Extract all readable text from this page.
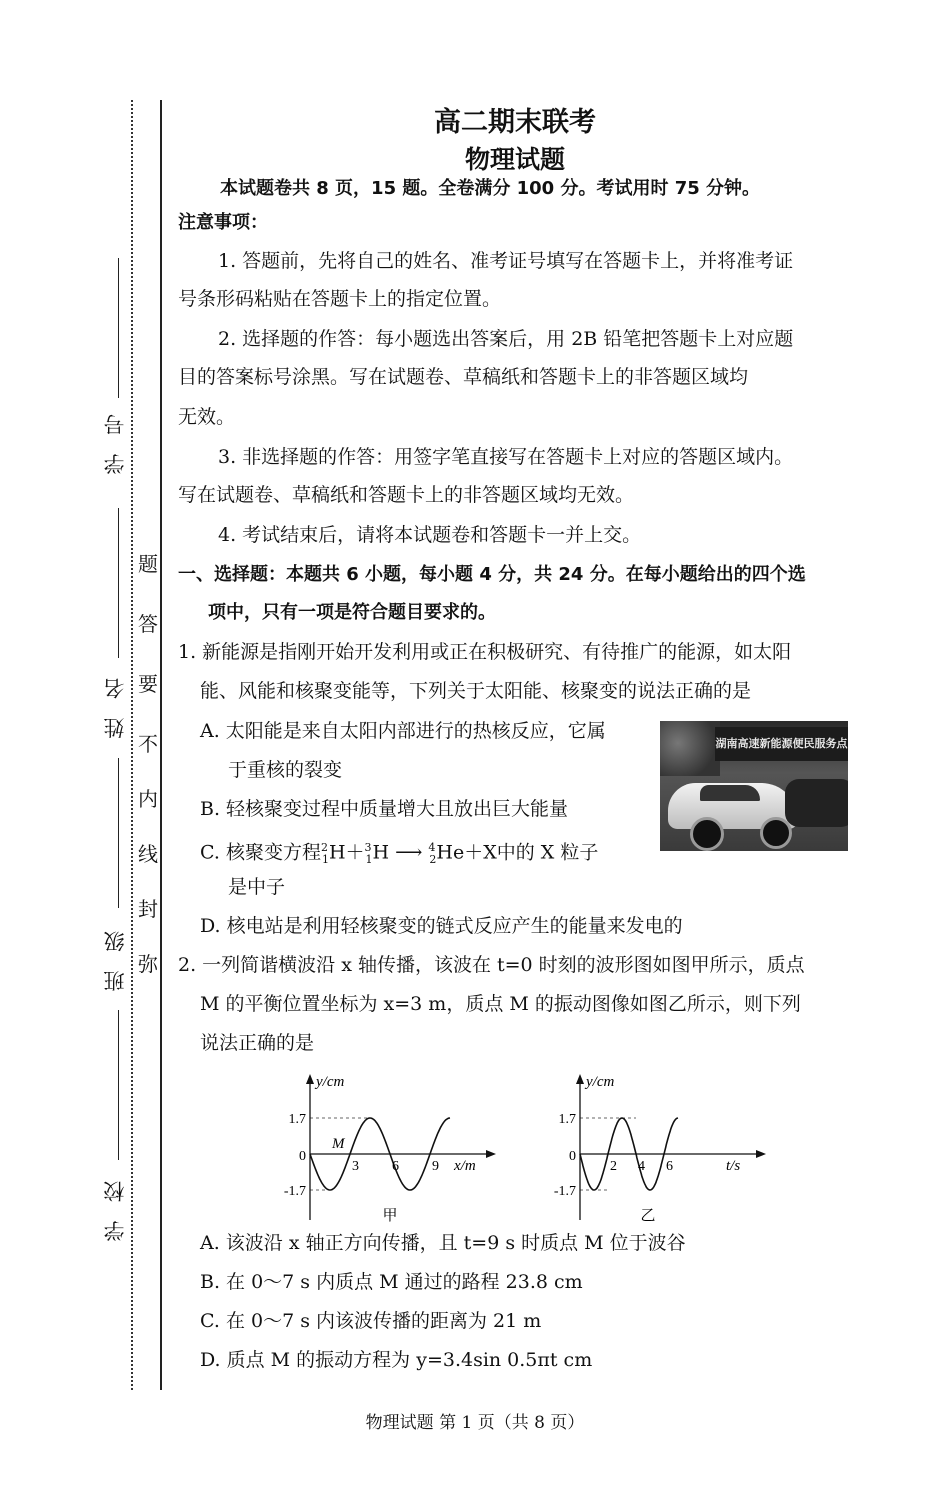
学 号
姓 名
班 级
学 校
弥
封
线
内
不
要
答
题
高二期末联考
物理试题
本试题卷共 8 页，15 题。全卷满分 100 分。考试用时 75 分钟。
注意事项：
1. 答题前，先将自己的姓名、准考证号填写在答题卡上，并将准考证
号条形码粘贴在答题卡上的指定位置。
2. 选择题的作答：每小题选出答案后，用 2B 铅笔把答题卡上对应题
目的答案标号涂黑。写在试题卷、草稿纸和答题卡上的非答题区域均
无效。
3. 非选择题的作答：用签字笔直接写在答题卡上对应的答题区域内。
写在试题卷、草稿纸和答题卡上的非答题区域均无效。
4. 考试结束后，请将本试题卷和答题卡一并上交。
一、选择题：本题共 6 小题，每小题 4 分，共 24 分。在每小题给出的四个选
项中，只有一项是符合题目要求的。
1. 新能源是指刚开始开发利用或正在积极研究、有待推广的能源，如太阳
能、风能和核聚变能等，下列关于太阳能、核聚变的说法正确的是
A. 太阳能是来自太阳内部进行的热核反应，它属
于重核的裂变
B. 轻核聚变过程中质量增大且放出巨大能量
C. 核聚变方程$^2_1$H＋$^3_1$H ⟶ $^4_2$He＋X中的 X 粒子
是中子
D. 核电站是利用轻核聚变的链式反应产生的能量来发电的
湖南高速新能源便民服务点
2. 一列简谐横波沿 x 轴传播，该波在 t=0 时刻的波形图如图甲所示，质点
M 的平衡位置坐标为 x=3 m，质点 M 的振动图像如图乙所示，则下列
说法正确的是
y/cm
1.7
0
-1.7
3 6 9 x/m
M
甲
y/cm
1.7
0
-1.7
2 4 6	t/s
乙
A. 该波沿 x 轴正方向传播，且 t=9 s 时质点 M 位于波谷
B. 在 0～7 s 内质点 M 通过的路程 23.8 cm
C. 在 0～7 s 内该波传播的距离为 21 m
D. 质点 M 的振动方程为 y=3.4sin 0.5πt cm
物理试题 第 1 页（共 8 页）
